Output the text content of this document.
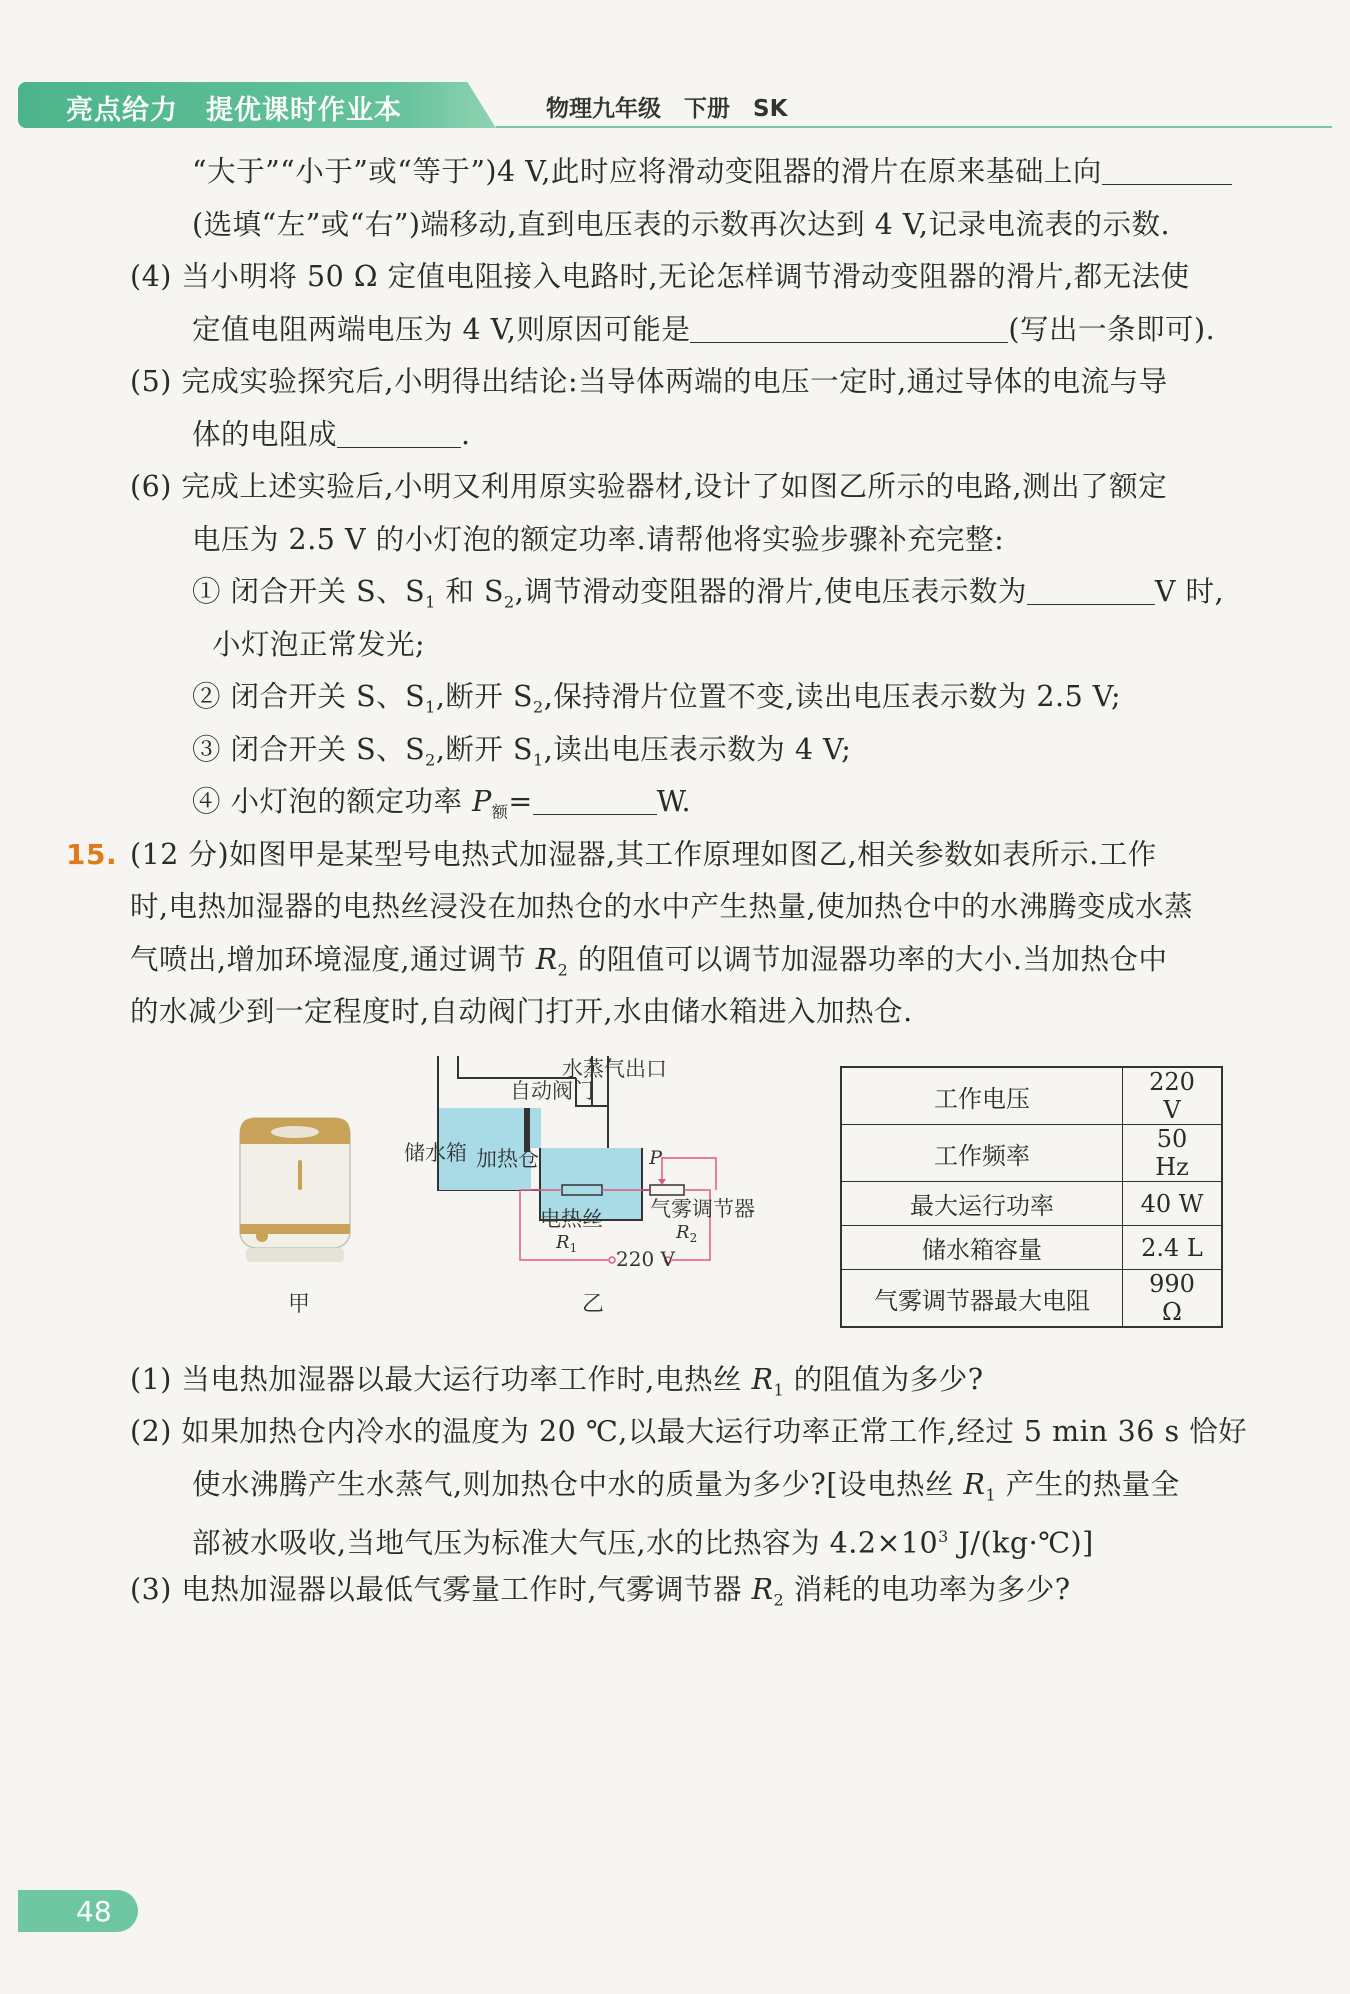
亮点给力　提优课时作业本	物理九年级　下册　SK
“大于”“小于”或“等于”)4 V,此时应将滑动变阻器的滑片在原来基础上向
(选填“左”或“右”)端移动,直到电压表的示数再次达到 4 V,记录电流表的示数.
(4) 当小明将 50 Ω 定值电阻接入电路时,无论怎样调节滑动变阻器的滑片,都无法使
定值电阻两端电压为 4 V,则原因可能是	(写出一条即可).
(5) 完成实验探究后,小明得出结论:当导体两端的电压一定时,通过导体的电流与导
体的电阻成	.
(6) 完成上述实验后,小明又利用原实验器材,设计了如图乙所示的电路,测出了额定
电压为 2.5 V 的小灯泡的额定功率.请帮他将实验步骤补充完整:
① 闭合开关 S、$S_1$ 和 $S_2$,调节滑动变阻器的滑片,使电压表示数为	V 时,
小灯泡正常发光;
② 闭合开关 S、$S_1$,断开 $S_2$,保持滑片位置不变,读出电压表示数为 2.5 V;
③ 闭合开关 S、$S_2$,断开 $S_1$,读出电压表示数为 4 V;
④ 小灯泡的额定功率 $P_额=$	W.
15. (12 分)如图甲是某型号电热式加湿器,其工作原理如图乙,相关参数如表所示.工作
时,电热加湿器的电热丝浸没在加热仓的水中产生热量,使加热仓中的水沸腾变成水蒸
气喷出,增加环境湿度,通过调节 $R_2$ 的阻值可以调节加湿器功率的大小.当加热仓中
的水减少到一定程度时,自动阀门打开,水由储水箱进入加热仓.
(1) 当电热加湿器以最大运行功率工作时,电热丝 $R_1$ 的阻值为多少?
(2) 如果加热仓内冷水的温度为 20 ℃,以最大运行功率正常工作,经过 5 min 36 s 恰好
使水沸腾产生水蒸气,则加热仓中水的质量为多少?[设电热丝 $R_1$ 产生的热量全
部被水吸收,当地气压为标准大气压,水的比热容为 $4.2\times 10^3$ J/(kg·℃)]
(3) 电热加湿器以最低气雾量工作时,气雾调节器 $R_2$ 消耗的电功率为多少?
甲
水蒸气出口
自动阀门
储水箱 加热仓	P
气雾调节器
$R_2$
电热丝
$R_1$ 220 V
乙
工作电压	220 V
工作频率	50 Hz
最大运行功率	40 W
储水箱容量	2.4 L
气雾调节器最大电阻	990 Ω
48
